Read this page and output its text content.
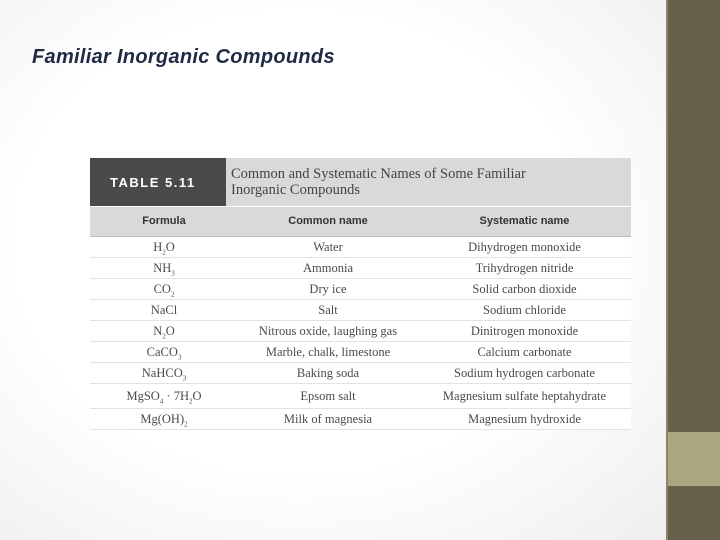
Familiar Inorganic Compounds
TABLE 5.11	Common and Systematic Names of Some Familiar
Inorganic Compounds
Formula	Common name	Systematic name
$H_2O$	Water	Dihydrogen monoxide
$NH_3$	Ammonia	Trihydrogen nitride
$CO_2$	Dry ice	Solid carbon dioxide
NaCl	Salt	Sodium chloride
$N_2O$	Nitrous oxide, laughing gas	Dinitrogen monoxide
CaCO$_3$	Marble, chalk, limestone	Calcium carbonate
NaHCO$_3$	Baking soda	Sodium hydrogen carbonate
MgSO$_4$ · $7H_2O$	Epsom salt	Magnesium sulfate heptahydrate
$Mg(OH)_2$	Milk of magnesia	Magnesium hydroxide
